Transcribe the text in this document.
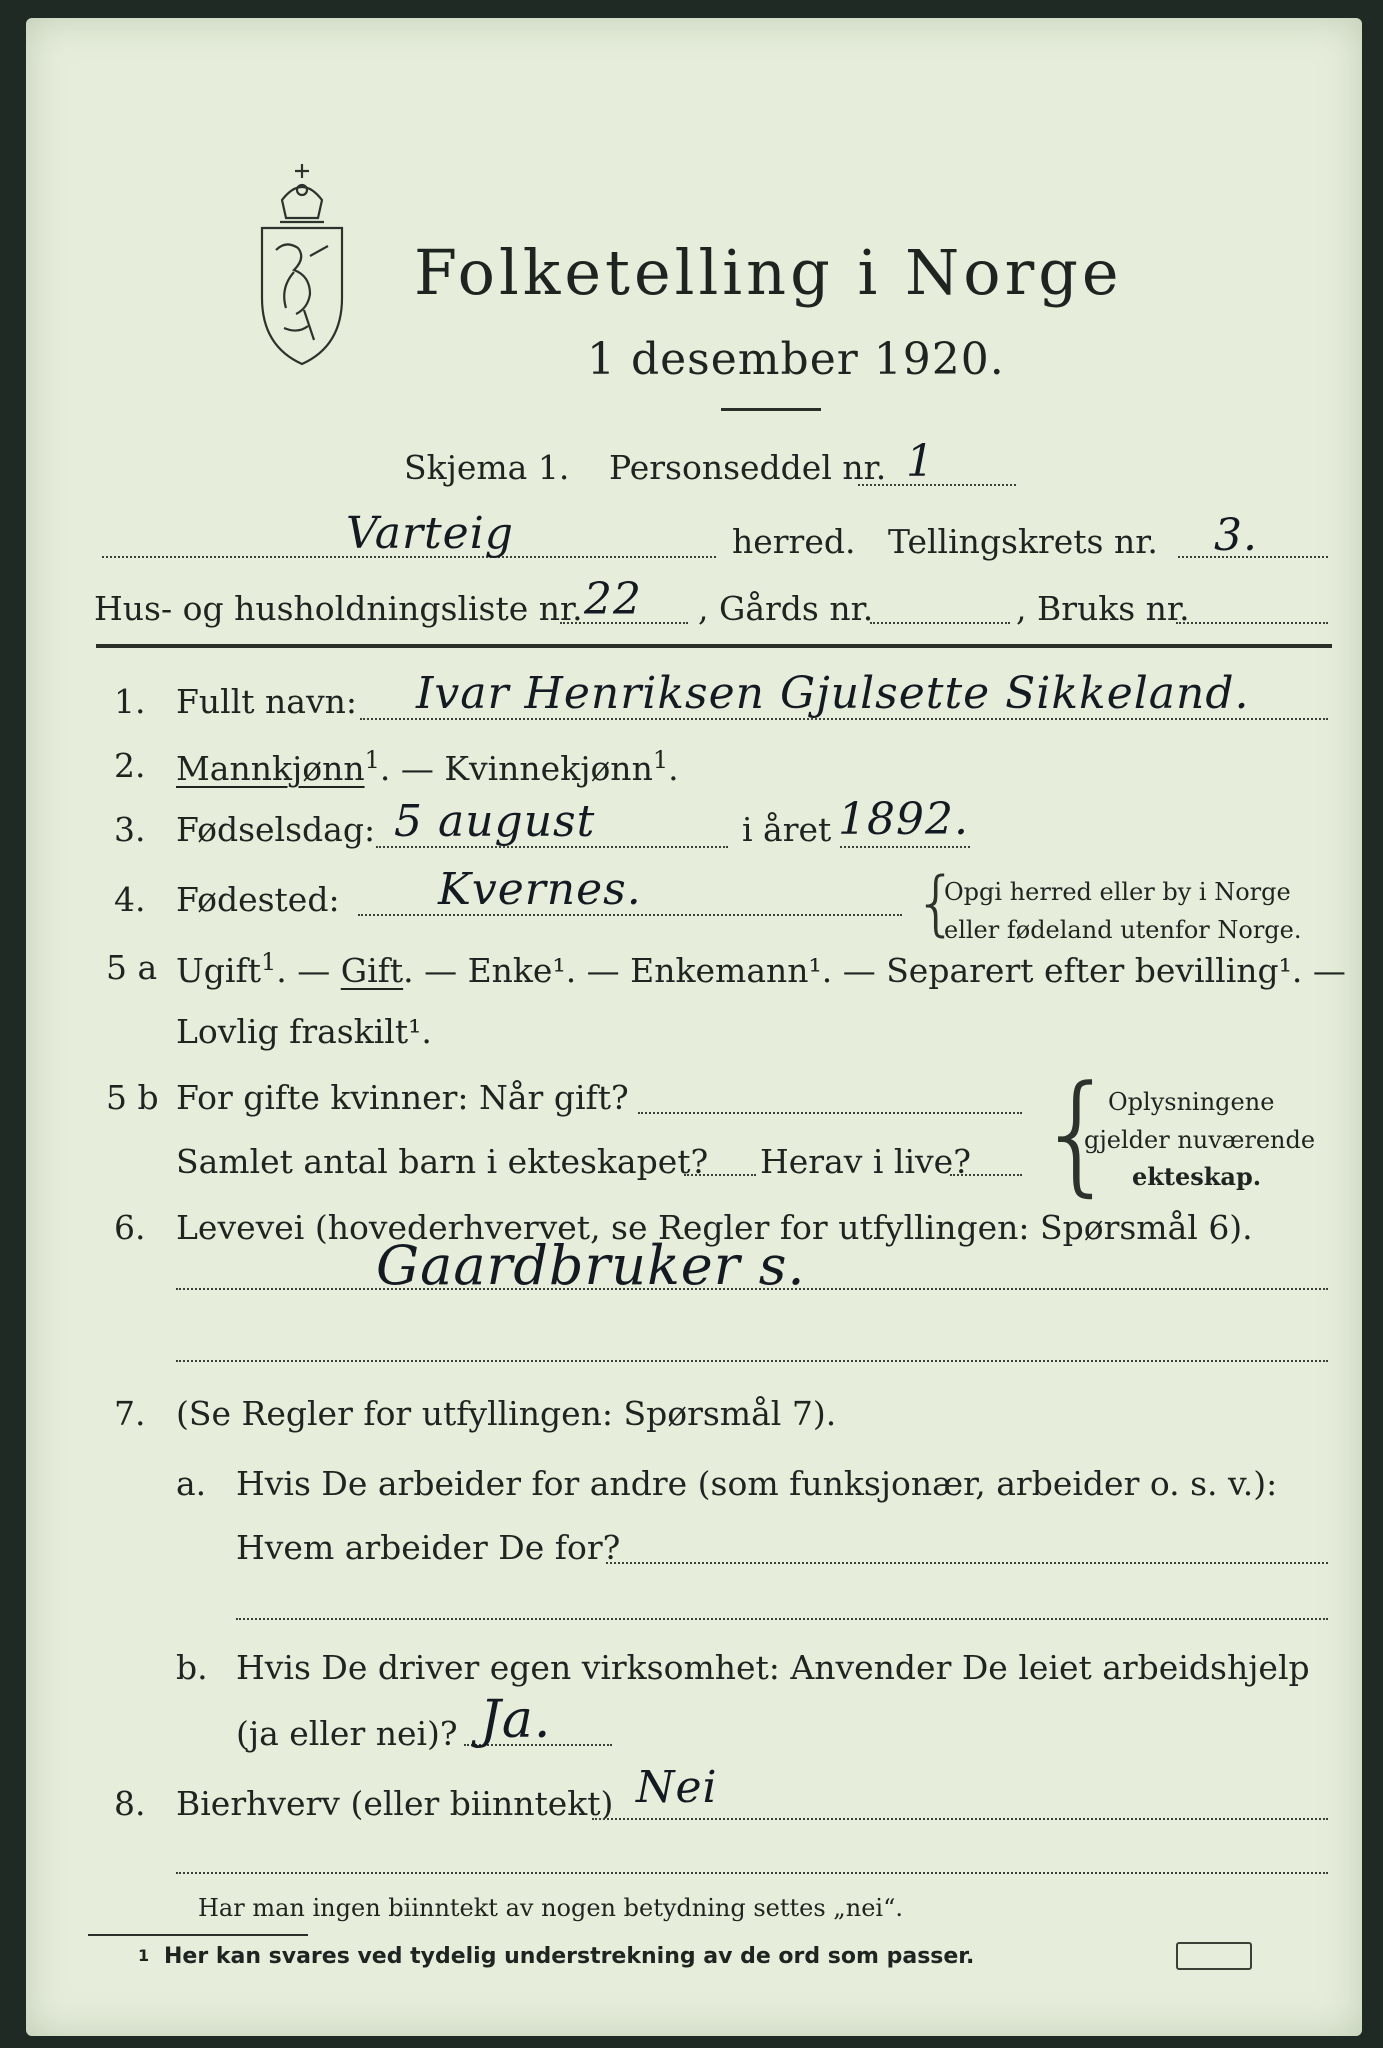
Folketelling i Norge
1 desember 1920.
Skjema 1. Personseddel nr. 1
Varteig	herred. Tellingskrets nr. 3.
Hus- og husholdningsliste nr. 22 , Gårds nr.	, Bruks nr.
1. Fullt navn: Ivar Henriksen Gjulsette Sikkeland.
2. Mannkjønn$^1$. — Kvinnekjønn$^1$.
3. Fødselsdag: 5 august	i året 1892.
4. Fødested: Kvernes.	{
Opgi herred eller by i Norge
eller fødeland utenfor Norge.
5 a Ugift$^1$. — Gift. — Enke¹. — Enkemann¹. — Separert efter bevilling¹. —
Lovlig fraskilt¹.
5 b For gifte kvinner: Når gift?
Samlet antal barn i ekteskapet? Herav i live? {
Oplysningene
gjelder nuværende
ekteskap.
6. Levevei (hovederhvervet, se Regler for utfyllingen: Spørsmål 6).
Gaardbruker s.
7. (Se Regler for utfyllingen: Spørsmål 7).
a. Hvis De arbeider for andre (som funksjonær, arbeider o. s. v.):
Hvem arbeider De for?
b. Hvis De driver egen virksomhet: Anvender De leiet arbeidshjelp
(ja eller nei)? Ja.
8. Bierhverv (eller biinntekt) Nei
Har man ingen biinntekt av nogen betydning settes „nei“.
1 Her kan svares ved tydelig understrekning av de ord som passer.
